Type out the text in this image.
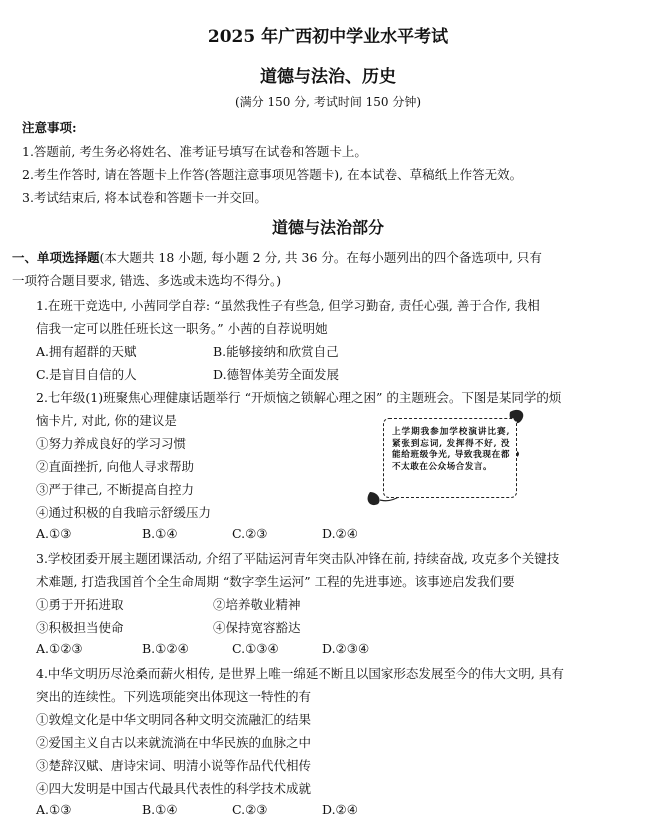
2025 年广西初中学业水平考试
道德与法治、历史
(满分 150 分, 考试时间 150 分钟)
注意事项:
1.答题前, 考生务必将姓名、准考证号填写在试卷和答题卡上。
2.考生作答时, 请在答题卡上作答(答题注意事项见答题卡), 在本试卷、草稿纸上作答无效。
3.考试结束后, 将本试卷和答题卡一并交回。
道德与法治部分
一、单项选择题(本大题共 18 小题, 每小题 2 分, 共 36 分。在每小题列出的四个备选项中, 只有
一项符合题目要求, 错选、多选或未选均不得分。)
1.在班干竞选中, 小茜同学自荐: “虽然我性子有些急, 但学习勤奋, 责任心强, 善于合作, 我相
信我一定可以胜任班长这一职务。” 小茜的自荐说明她
A.拥有超群的天赋	B.能够接纳和欣赏自己
C.是盲目自信的人	D.德智体美劳全面发展
2.七年级(1)班聚焦心理健康话题举行 “开烦恼之锁解心理之困” 的主题班会。下图是某同学的烦
恼卡片, 对此, 你的建议是
①努力养成良好的学习习惯
②直面挫折, 向他人寻求帮助
③严于律己, 不断提高自控力
④通过积极的自我暗示舒缓压力
A.①③	B.①④	C.②③	D.②④
上学期我参加学校演讲比赛, 紧张到忘词, 发挥得不好, 没能给班级争光, 导致我现在都不太敢在公众场合发言。
3.学校团委开展主题团课活动, 介绍了平陆运河青年突击队冲锋在前, 持续奋战, 攻克多个关键技
术难题, 打造我国首个全生命周期 “数字孪生运河” 工程的先进事迹。该事迹启发我们要
①勇于开拓进取	②培养敬业精神
③积极担当使命	④保持宽容豁达
A.①②③	B.①②④	C.①③④	D.②③④
4.中华文明历尽沧桑而薪火相传, 是世界上唯一绵延不断且以国家形态发展至今的伟大文明, 具有
突出的连续性。下列选项能突出体现这一特性的有
①敦煌文化是中华文明同各种文明交流融汇的结果
②爱国主义自古以来就流淌在中华民族的血脉之中
③楚辞汉赋、唐诗宋词、明清小说等作品代代相传
④四大发明是中国古代最具代表性的科学技术成就
A.①③	B.①④	C.②③	D.②④
